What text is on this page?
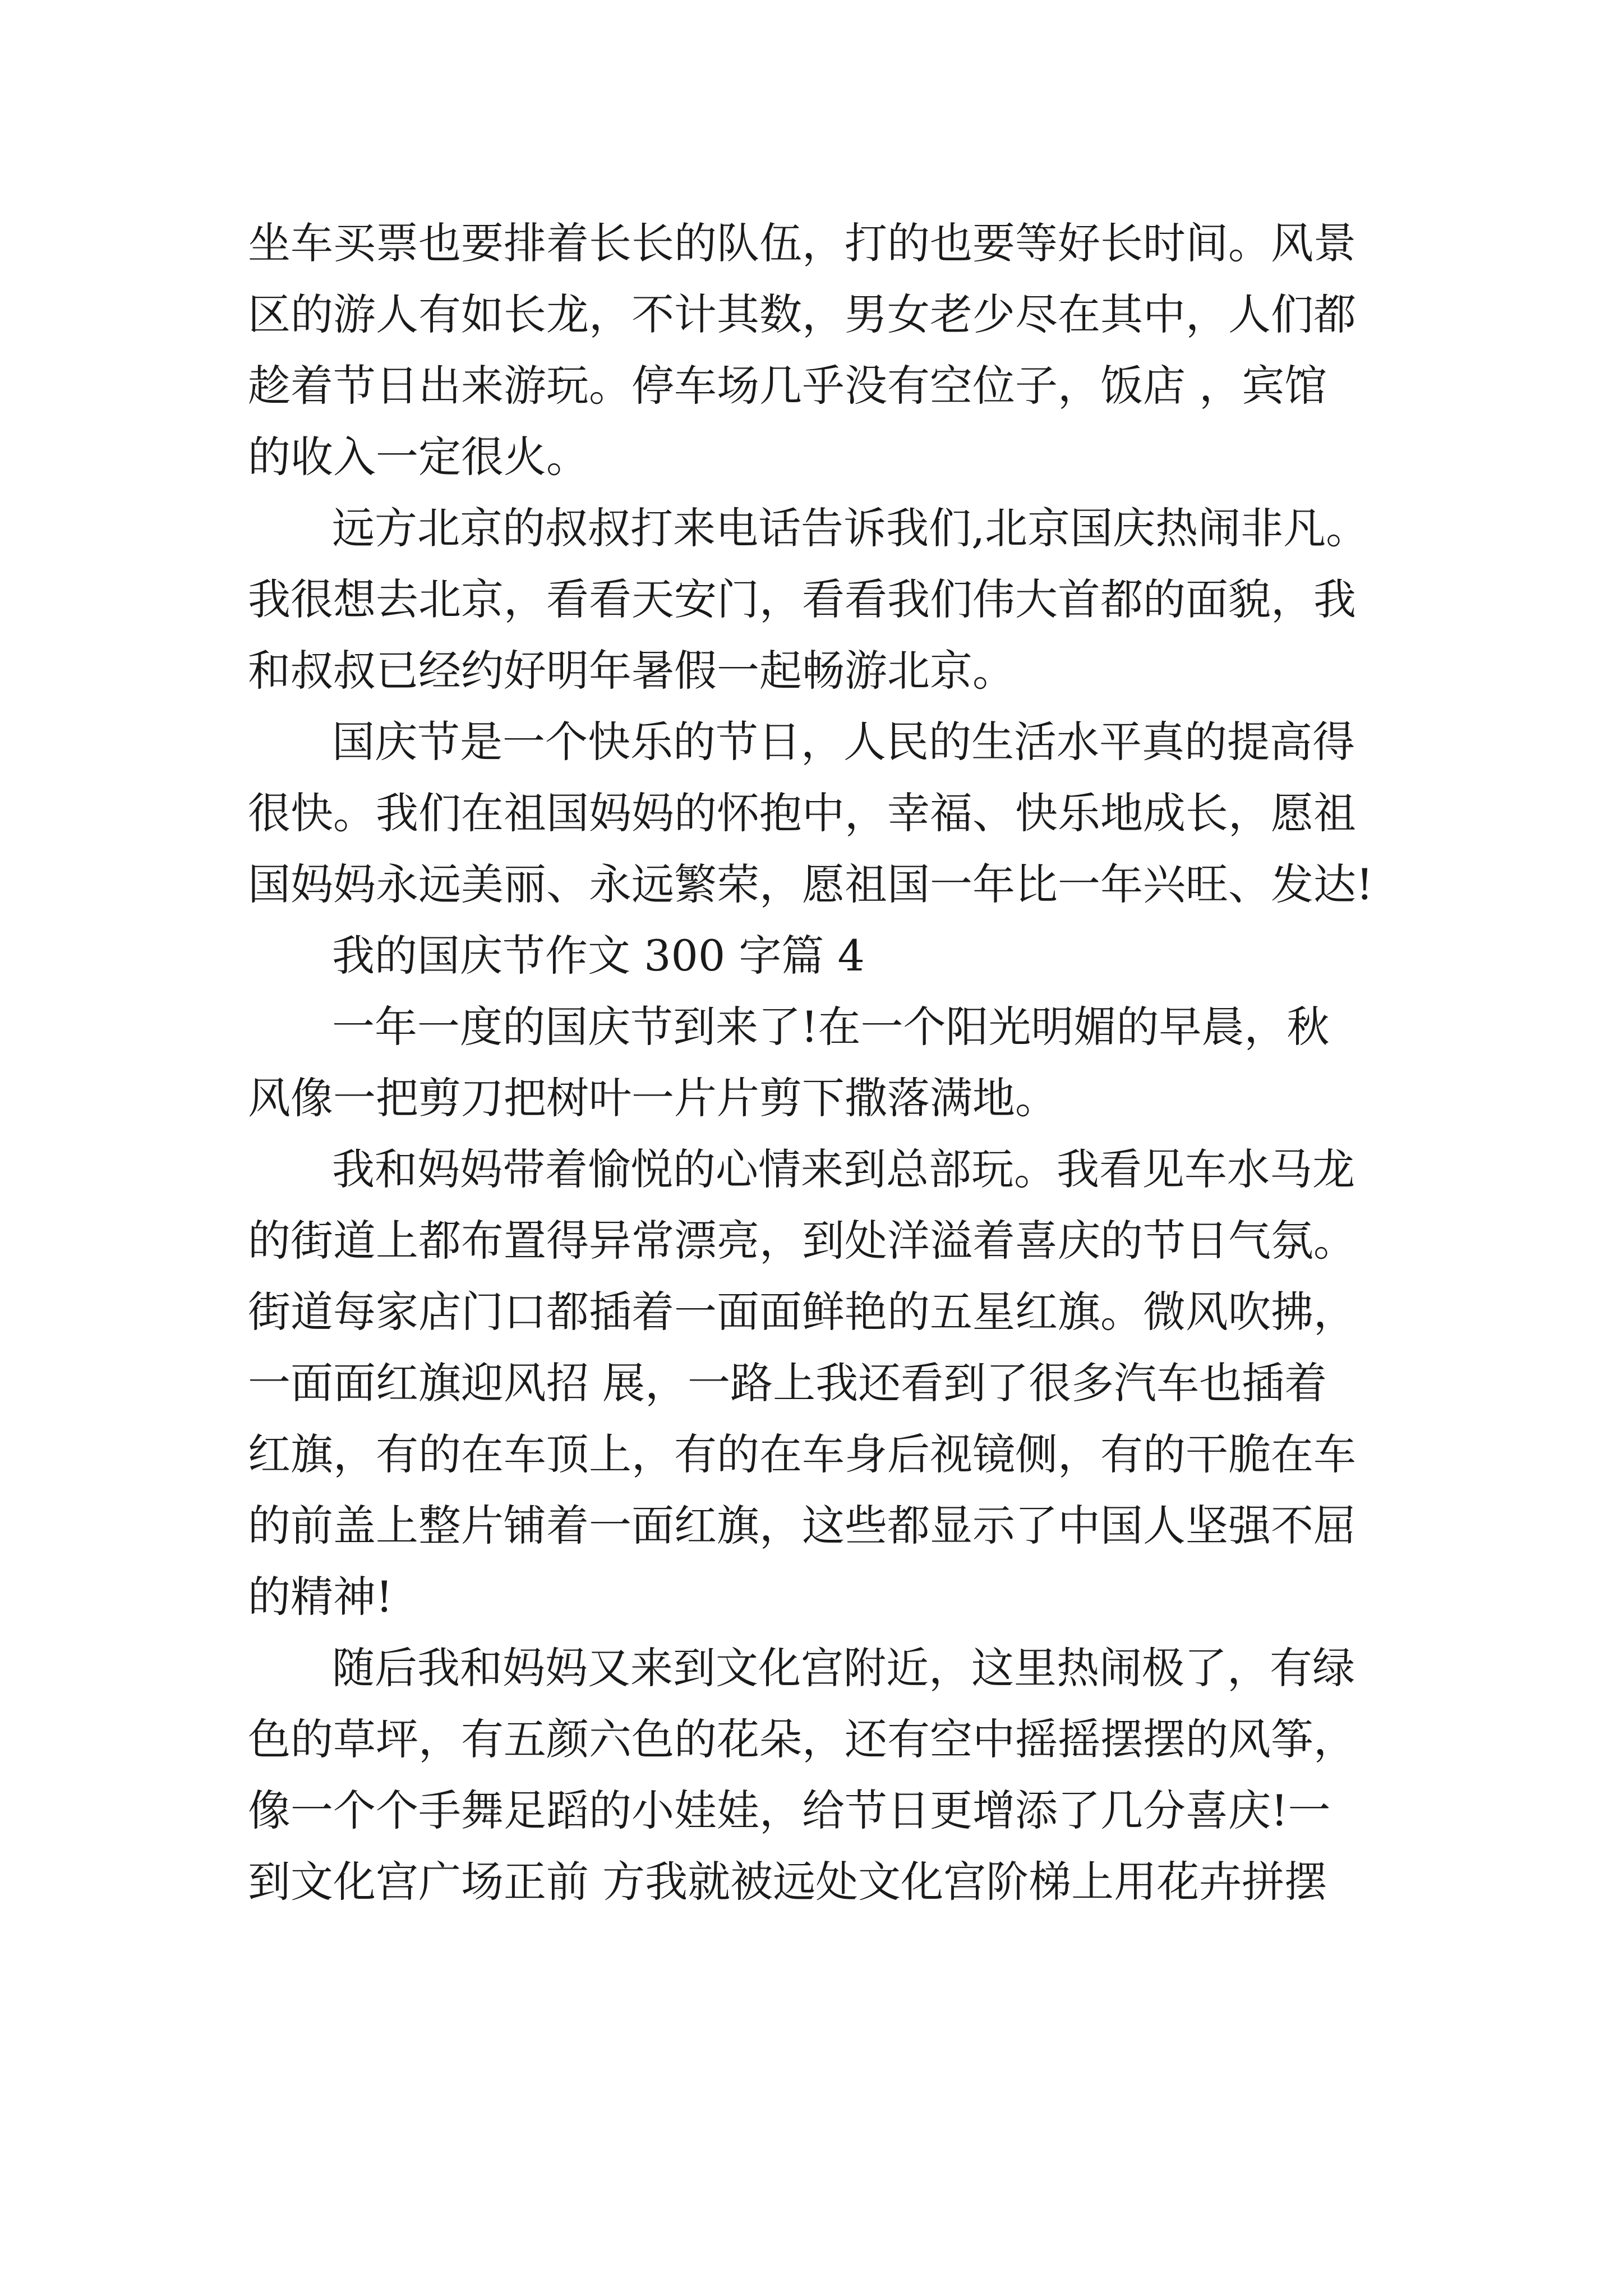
坐车买票也要排着长长的队伍，打的也要等好长时间。风景
区的游人有如长龙，不计其数，男女老少尽在其中，人们都
趁着节日出来游玩。停车场几乎没有空位子，饭店 ，宾馆
的收入一定很火。
远方北京的叔叔打来电话告诉我们,北京国庆热闹非凡。
我很想去北京，看看天安门，看看我们伟大首都的面貌，我
和叔叔已经约好明年暑假一起畅游北京。
国庆节是一个快乐的节日，人民的生活水平真的提高得
很快。我们在祖国妈妈的怀抱中，幸福、快乐地成长，愿祖
国妈妈永远美丽、永远繁荣，愿祖国一年比一年兴旺、发达!
我的国庆节作文 300 字篇 4
一年一度的国庆节到来了!在一个阳光明媚的早晨，秋
风像一把剪刀把树叶一片片剪下撒落满地。
我和妈妈带着愉悦的心情来到总部玩。我看见车水马龙
的街道上都布置得异常漂亮，到处洋溢着喜庆的节日气氛。
街道每家店门口都插着一面面鲜艳的五星红旗。微风吹拂，
一面面红旗迎风招 展，一路上我还看到了很多汽车也插着
红旗，有的在车顶上，有的在车身后视镜侧，有的干脆在车
的前盖上整片铺着一面红旗，这些都显示了中国人坚强不屈
的精神!
随后我和妈妈又来到文化宫附近，这里热闹极了，有绿
色的草坪，有五颜六色的花朵，还有空中摇摇摆摆的风筝，
像一个个手舞足蹈的小娃娃，给节日更增添了几分喜庆!一
到文化宫广场正前 方我就被远处文化宫阶梯上用花卉拼摆
